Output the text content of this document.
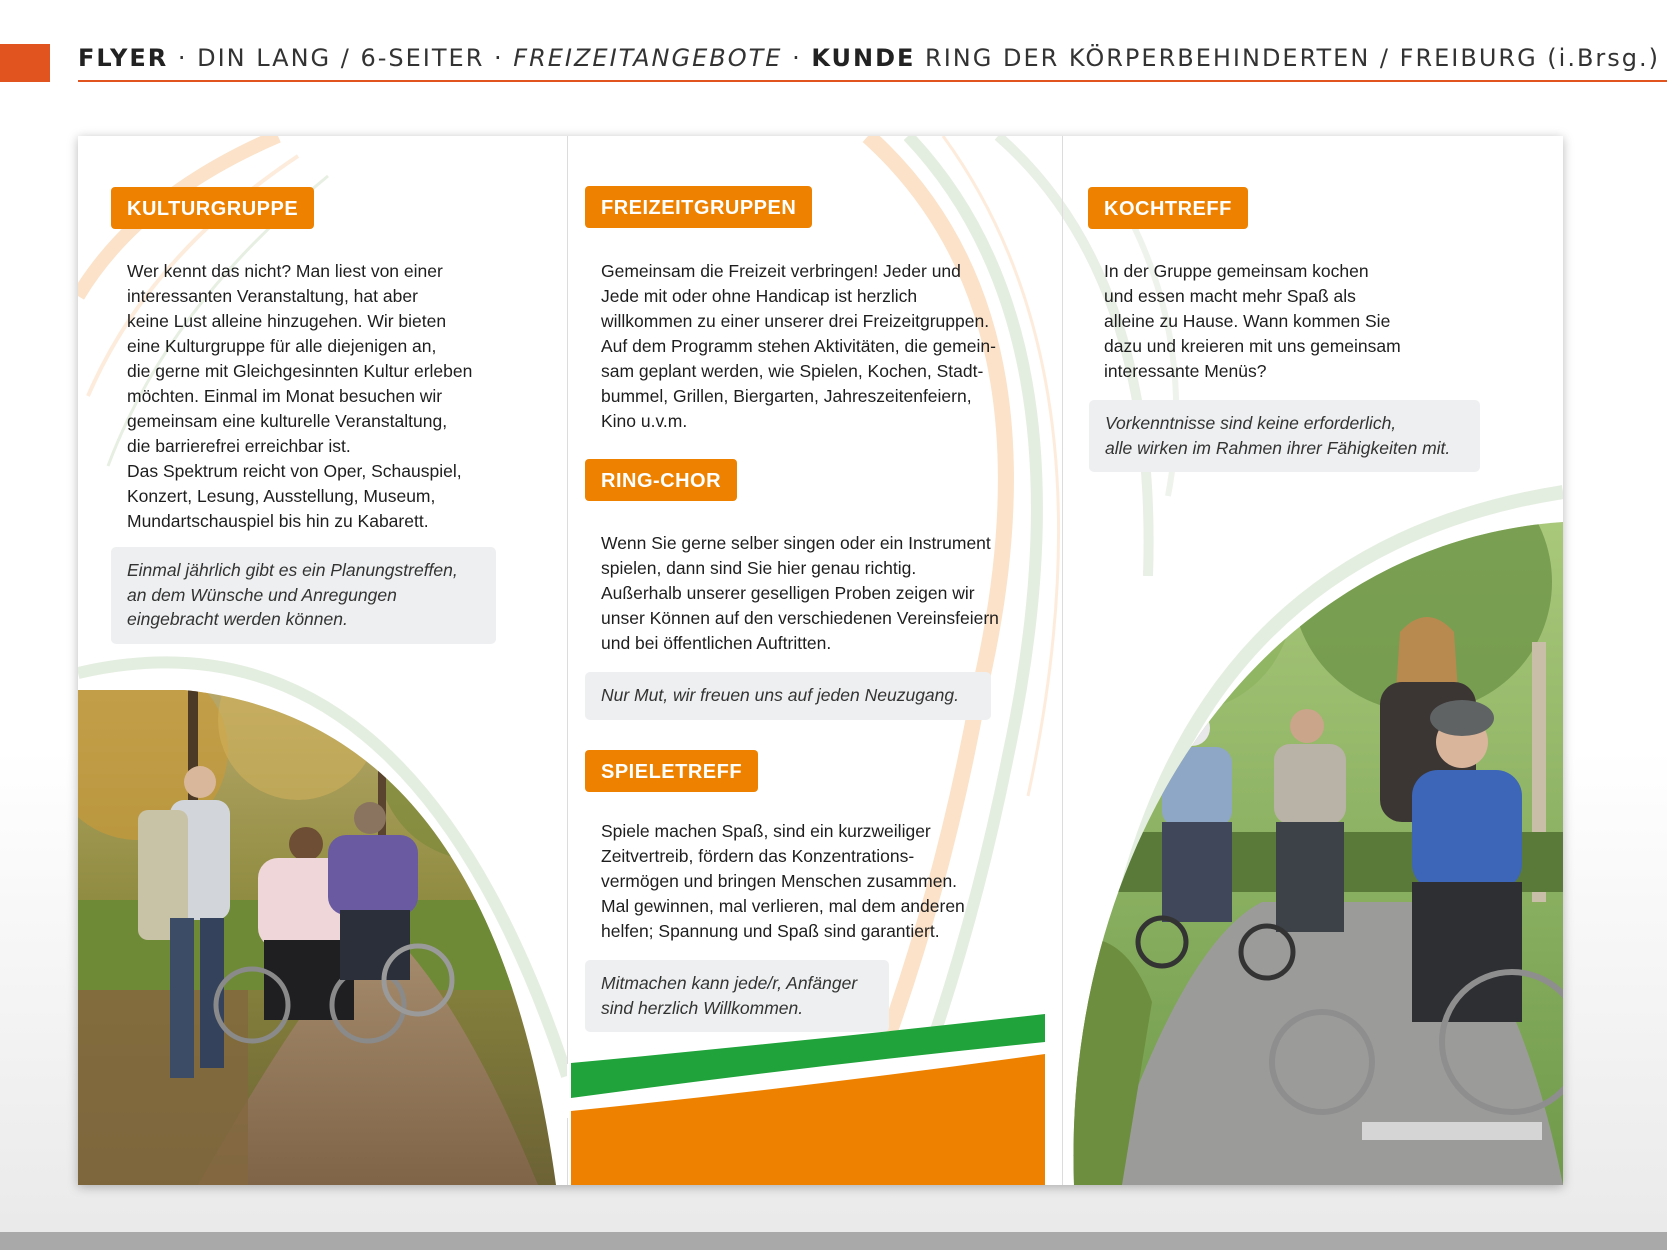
FLYER · DIN LANG / 6-SEITER · FREIZEITANGEBOTE · KUNDE RING DER KÖRPERBEHINDERTEN / FREIBURG (i.Brsg.)
KULTURGRUPPE
Wer kennt das nicht? Man liest von einer
interessanten Veranstaltung, hat aber
keine Lust alleine hinzugehen. Wir bieten
eine Kulturgruppe für alle diejenigen an,
die gerne mit Gleichgesinnten Kultur erleben
möchten. Einmal im Monat besuchen wir
gemeinsam eine kulturelle Veranstaltung,
die barrierefrei erreichbar ist.
Das Spektrum reicht von Oper, Schauspiel,
Konzert, Lesung, Ausstellung, Museum,
Mundartschauspiel bis hin zu Kabarett.
Einmal jährlich gibt es ein Planungstreffen,
an dem Wünsche und Anregungen
eingebracht werden können.
FREIZEITGRUPPEN
Gemeinsam die Freizeit verbringen! Jeder und
Jede mit oder ohne Handicap ist herzlich
willkommen zu einer unserer drei Freizeitgruppen.
Auf dem Programm stehen Aktivitäten, die gemein-
sam geplant werden, wie Spielen, Kochen, Stadt-
bummel, Grillen, Biergarten, Jahreszeitenfeiern,
Kino u.v.m.
RING-CHOR
Wenn Sie gerne selber singen oder ein Instrument
spielen, dann sind Sie hier genau richtig.
Außerhalb unserer geselligen Proben zeigen wir
unser Können auf den verschiedenen Vereinsfeiern
und bei öffentlichen Auftritten.
Nur Mut, wir freuen uns auf jeden Neuzugang.
SPIELETREFF
Spiele machen Spaß, sind ein kurzweiliger
Zeitvertreib, fördern das Konzentrations-
vermögen und bringen Menschen zusammen.
Mal gewinnen, mal verlieren, mal dem anderen
helfen; Spannung und Spaß sind garantiert.
Mitmachen kann jede/r, Anfänger
sind herzlich Willkommen.
KOCHTREFF
In der Gruppe gemeinsam kochen
und essen macht mehr Spaß als
alleine zu Hause. Wann kommen Sie
dazu und kreieren mit uns gemeinsam
interessante Menüs?
Vorkenntnisse sind keine erforderlich,
alle wirken im Rahmen ihrer Fähigkeiten mit.
